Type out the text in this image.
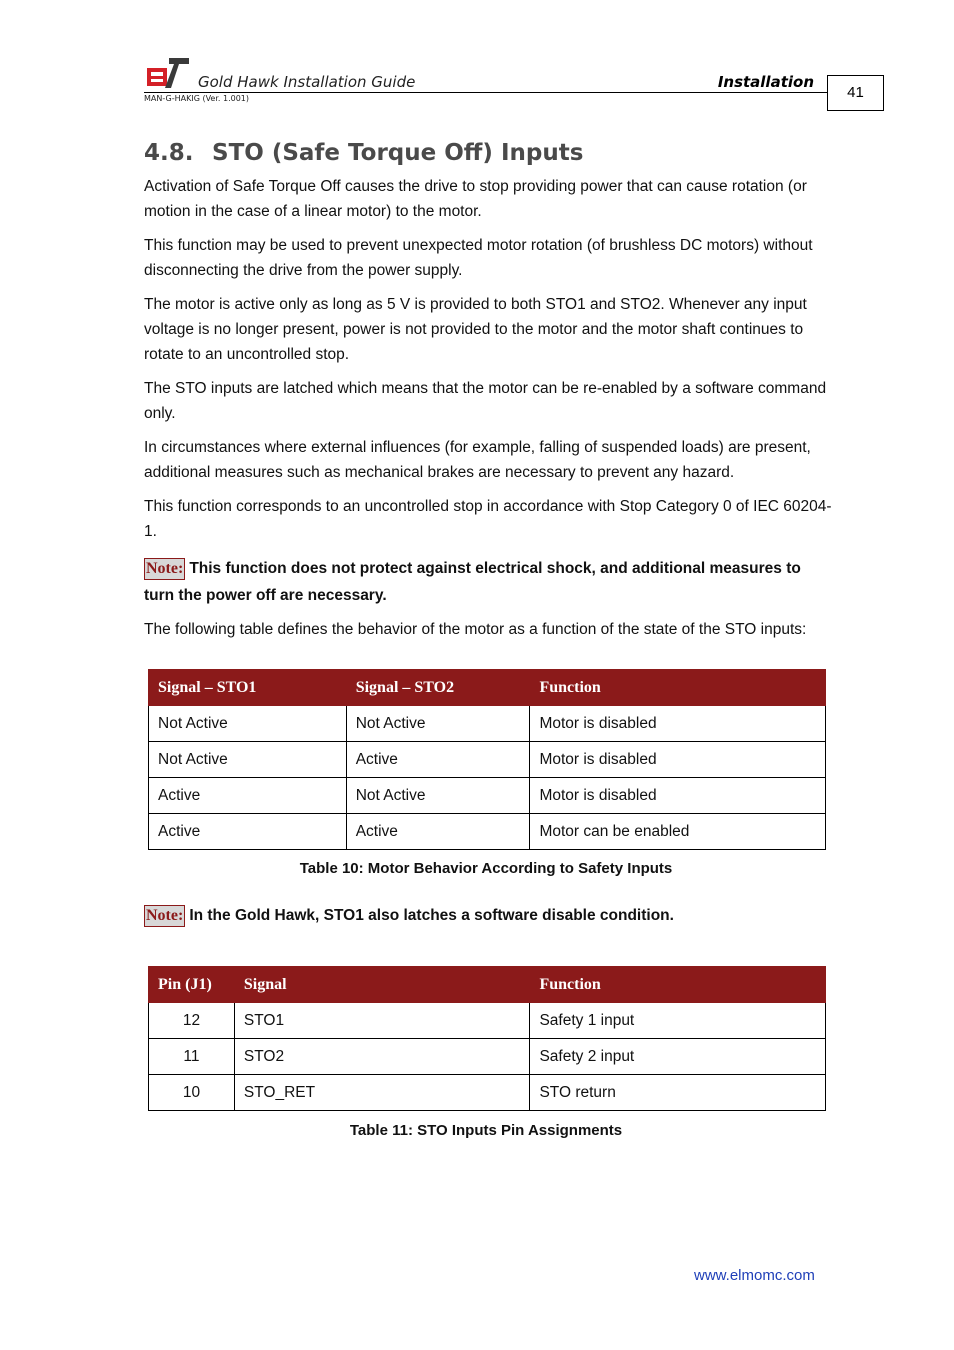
Gold Hawk Installation Guide	Installation
MAN-G-HAKIG (Ver. 1.001)	41
4.8. STO (Safe Torque Off) Inputs
Activation of Safe Torque Off causes the drive to stop providing power that can cause rotation (or motion in the case of a linear motor) to the motor.
This function may be used to prevent unexpected motor rotation (of brushless DC motors) without disconnecting the drive from the power supply.
The motor is active only as long as 5 V is provided to both STO1 and STO2. Whenever any input voltage is no longer present, power is not provided to the motor and the motor shaft continues to rotate to an uncontrolled stop.
The STO inputs are latched which means that the motor can be re-enabled by a software command only.
In circumstances where external influences (for example, falling of suspended loads) are present, additional measures such as mechanical brakes are necessary to prevent any hazard.
This function corresponds to an uncontrolled stop in accordance with Stop Category 0 of IEC 60204-1.
Note: This function does not protect against electrical shock, and additional measures to turn the power off are necessary.
The following table defines the behavior of the motor as a function of the state of the STO inputs:
Signal – STO1	Signal – STO2	Function
Not Active	Not Active	Motor is disabled
Not Active	Active	Motor is disabled
Active	Not Active	Motor is disabled
Active	Active	Motor can be enabled
Table 10: Motor Behavior According to Safety Inputs
Note: In the Gold Hawk, STO1 also latches a software disable condition.
Pin (J1)	Signal	Function
12	STO1	Safety 1 input
11	STO2	Safety 2 input
10	STO_RET	STO return
Table 11: STO Inputs Pin Assignments
www.elmomc.com
